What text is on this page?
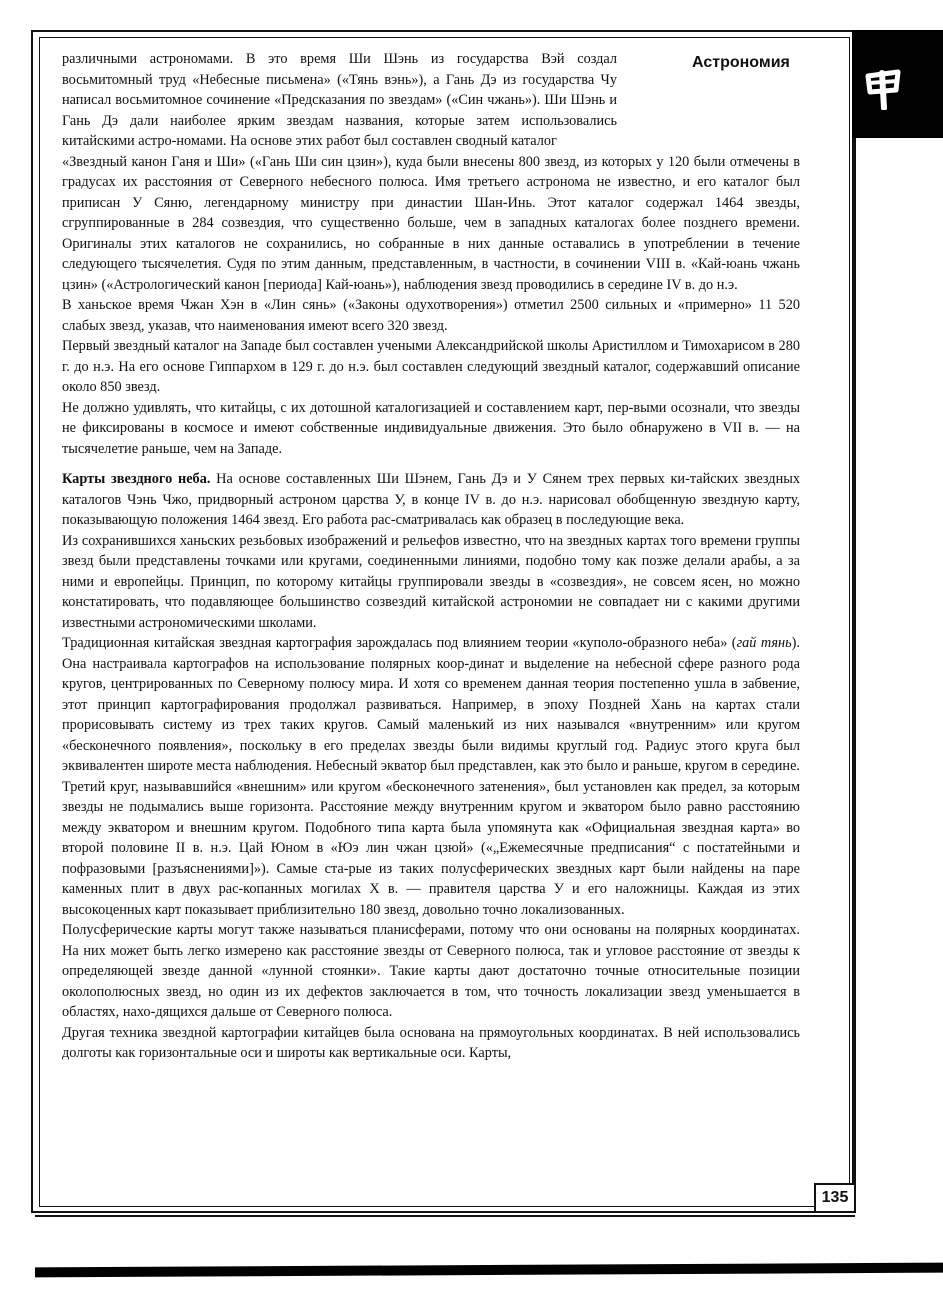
Астрономия

различными астрономами. В это время Ши Шэнь из государства Вэй создал восьмитомный труд «Небесные письмена» («Тянь вэнь»), а Гань Дэ из государства Чу написал восьмитомное сочинение «Предсказания по звездам» («Син чжань»). Ши Шэнь и Гань Дэ дали наиболее ярким звездам названия, которые затем использовались китайскими астро-номами. На основе этих работ был составлен сводный каталог

«Звездный канон Ганя и Ши» («Гань Ши син цзин»), куда были внесены 800 звезд, из которых у 120 были отмечены в градусах их расстояния от Северного небесного полюса. Имя третьего астронома не известно, и его каталог был приписан У Сяню, легендарному министру при династии Шан-Инь. Этот каталог содержал 1464 звезды, сгруппированные в 284 созвездия, что существенно больше, чем в западных каталогах более позднего времени. Оригиналы этих каталогов не сохранились, но собранные в них данные оставались в употреблении в течение следующего тысячелетия. Судя по этим данным, представленным, в частности, в сочинении VIII в. «Кай-юань чжань цзин» («Астрологический канон [периода] Кай-юань»), наблюдения звезд проводились в середине IV в. до н.э.

В ханьское время Чжан Хэн в «Лин сянь» («Законы одухотворения») отметил 2500 сильных и «примерно» 11 520 слабых звезд, указав, что наименования имеют всего 320 звезд.

Первый звездный каталог на Западе был составлен учеными Александрийской школы Аристиллом и Тимохарисом в 280 г. до н.э. На его основе Гиппархом в 129 г. до н.э. был составлен следующий звездный каталог, содержавший описание около 850 звезд.

Не должно удивлять, что китайцы, с их дотошной каталогизацией и составлением карт, пер-выми осознали, что звезды не фиксированы в космосе и имеют собственные индивидуальные движения. Это было обнаружено в VII в. — на тысячелетие раньше, чем на Западе.

Карты звездного неба. На основе составленных Ши Шэнем, Гань Дэ и У Сянем трех первых ки-тайских звездных каталогов Чэнь Чжо, придворный астроном царства У, в конце IV в. до н.э. нарисовал обобщенную звездную карту, показывающую положения 1464 звезд. Его работа рас-сматривалась как образец в последующие века.

Из сохранившихся ханьских резьбовых изображений и рельефов известно, что на звездных картах того времени группы звезд были представлены точками или кругами, соединенными линиями, подобно тому как позже делали арабы, а за ними и европейцы. Принцип, по которому китайцы группировали звезды в «созвездия», не совсем ясен, но можно констатировать, что подавляющее большинство созвездий китайской астрономии не совпадает ни с какими другими известными астрономическими школами.

Традиционная китайская звездная картография зарождалась под влиянием теории «куполо-образного неба» (гай тянь). Она настраивала картографов на использование полярных коор-динат и выделение на небесной сфере разного рода кругов, центрированных по Северному полюсу мира. И хотя со временем данная теория постепенно ушла в забвение, этот принцип картографирования продолжал развиваться. Например, в эпоху Поздней Хань на картах стали прорисовывать систему из трех таких кругов. Самый маленький из них назывался «внутренним» или кругом «бесконечного появления», поскольку в его пределах звезды были видимы круглый год. Радиус этого круга был эквивалентен широте места наблюдения. Небесный экватор был представлен, как это было и раньше, кругом в середине. Третий круг, называвшийся «внешним» или кругом «бесконечного затенения», был установлен как предел, за которым звезды не подымались выше горизонта. Расстояние между внутренним кругом и экватором было равно расстоянию между экватором и внешним кругом. Подобного типа карта была упомянута как «Официальная звездная карта» во второй половине II в. н.э. Цай Юном в «Юэ лин чжан цзюй» («„Ежемесячные предписания“ с постатейными и пофразовыми [разъяснениями]»). Самые ста-рые из таких полусферических звездных карт были найдены на паре каменных плит в двух рас-копанных могилах X в. — правителя царства У и его наложницы. Каждая из этих высокоценных карт показывает приблизительно 180 звезд, довольно точно локализованных.

Полусферические карты могут также называться планисферами, потому что они основаны на полярных координатах. На них может быть легко измерено как расстояние звезды от Северного полюса, так и угловое расстояние от звезды к определяющей звезде данной «лунной стоянки». Такие карты дают достаточно точные относительные позиции околополюсных звезд, но один из их дефектов заключается в том, что точность локализации звезд уменьшается в областях, нахо-дящихся дальше от Северного полюса.

Другая техника звездной картографии китайцев была основана на прямоугольных координатах. В ней использовались долготы как горизонтальные оси и широты как вертикальные оси. Карты,

135
